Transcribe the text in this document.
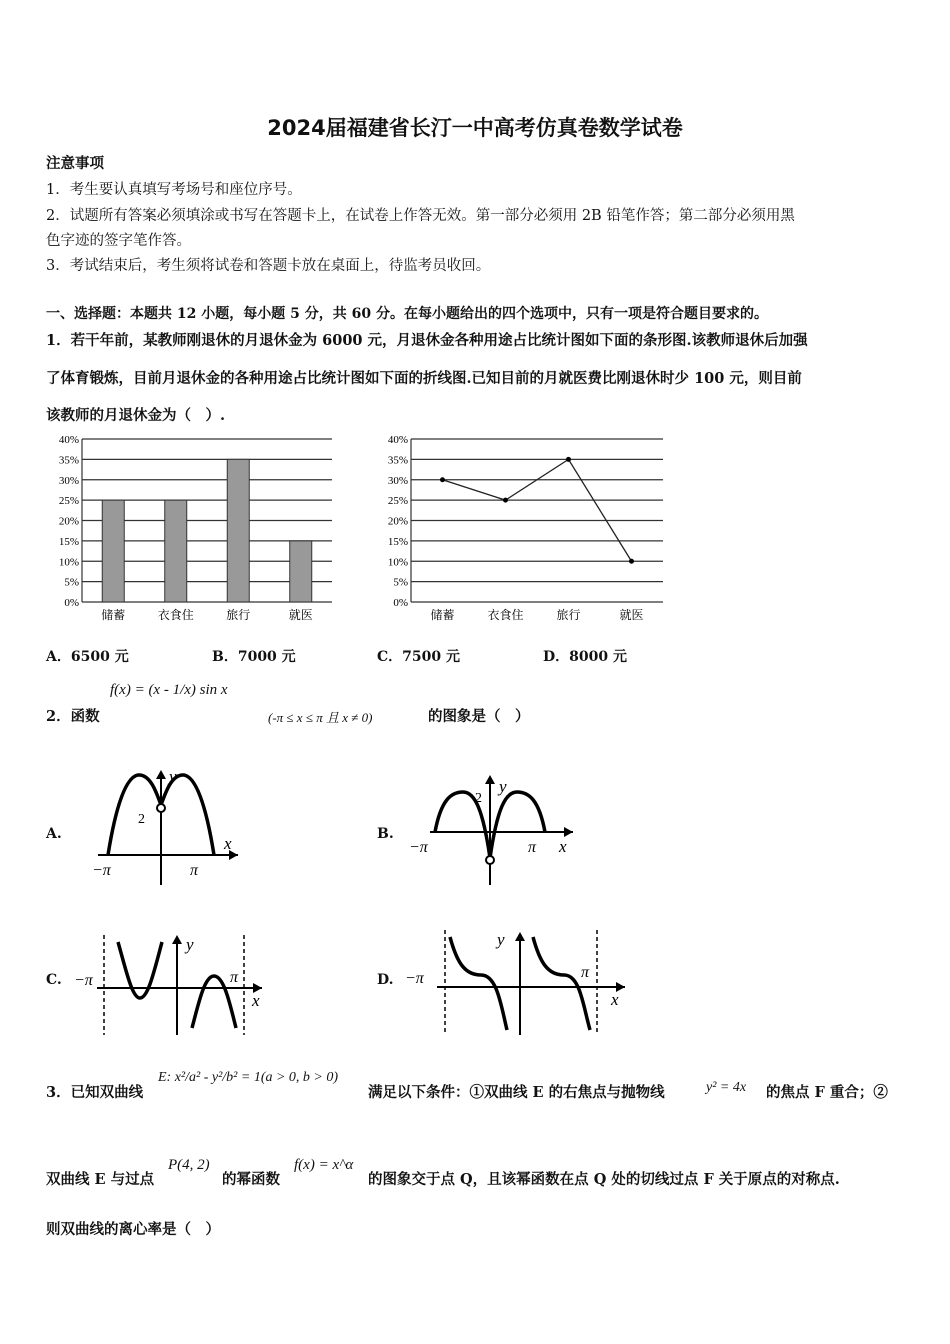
2024届福建省长汀一中高考仿真卷数学试卷
注意事项
1．考生要认真填写考场号和座位序号。
2．试题所有答案必须填涂或书写在答题卡上，在试卷上作答无效。第一部分必须用 2B 铅笔作答；第二部分必须用黑
色字迹的签字笔作答。
3．考试结束后，考生须将试卷和答题卡放在桌面上，待监考员收回。
一、选择题：本题共 12 小题，每小题 5 分，共 60 分。在每小题给出的四个选项中，只有一项是符合题目要求的。
1．若干年前，某教师刚退休的月退休金为 6000 元，月退休金各种用途占比统计图如下面的条形图.该教师退休后加强
了体育锻炼，目前月退休金的各种用途占比统计图如下面的折线图.已知目前的月就医费比刚退休时少 100 元，则目前
该教师的月退休金为（　）.
0%
5%
10%
15%
20%
25%
30%
35%
40%
储蓄	衣食住	旅行	就医
0%
5%
10%
15%
20%
25%
30%
35%
40%
储蓄	衣食住	旅行	就医
A．6500 元	B．7000 元	C．7500 元	D．8000 元
2．函数
f(x) = (x - 1/x) sin x
(-π ≤ x ≤ π 且 x ≠ 0)	的图象是（　）
A.	B.
C.	D.
y
x
2
−π	π
y
x
2
−π	π
y
x
−π	π
y
x
−π	π
3．已知双曲线
E: x²/a² - y²/b² = 1(a > 0, b > 0)
满足以下条件：①双曲线 E 的右焦点与抛物线	y² = 4x 的焦点 F 重合；②
双曲线 E 与过点
P(4, 2)
的幂函数
f(x) = x^α
的图象交于点 Q，且该幂函数在点 Q 处的切线过点 F 关于原点的对称点.
则双曲线的离心率是（　）
